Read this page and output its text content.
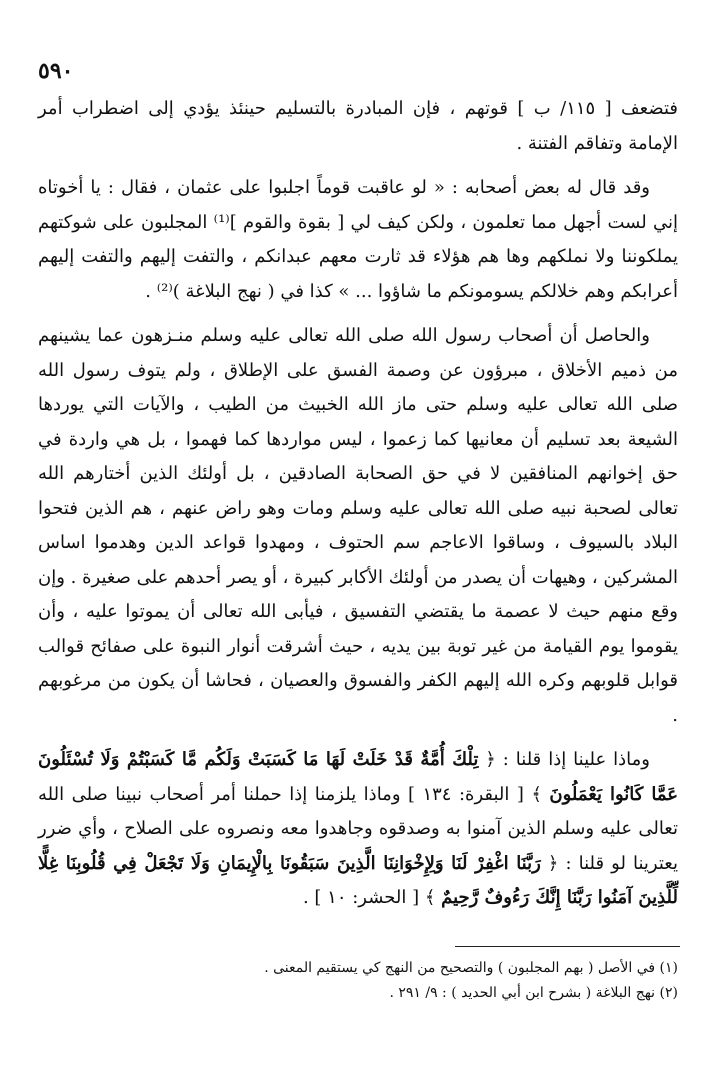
٥٩٠

فتضعف [ ١١٥/ ب ] قوتهم ، فإن المبادرة بالتسليم حينئذ يؤدي إلى اضطراب أمر الإمامة وتفاقم الفتنة .

وقد قال له بعض أصحابه : « لو عاقبت قوماً اجلبوا على عثمان ، فقال : يا أخوتاه إني لست أجهل مما تعلمون ، ولكن كيف لي [ بقوة والقوم ]⁽¹⁾ المجلبون على شوكتهم يملكوننا ولا نملكهم وها هم هؤلاء قد ثارت معهم عبدانكم ، والتفت إليهم والتفت إليهم أعرابكم وهم خلالكم يسومونكم ما شاؤوا ... » كذا في ( نهج البلاغة )⁽²⁾ .

والحاصل أن أصحاب رسول الله صلى الله تعالى عليه وسلم منـزهون عما يشينهم من ذميم الأخلاق ، مبرؤون عن وصمة الفسق على الإطلاق ، ولم يتوف رسول الله صلى الله تعالى عليه وسلم حتى ماز الله الخبيث من الطيب ، والآيات التي يوردها الشيعة بعد تسليم أن معانيها كما زعموا ، ليس مواردها كما فهموا ، بل هي واردة في حق إخوانهم المنافقين لا في حق الصحابة الصادقين ، بل أولئك الذين أختارهم الله تعالى لصحبة نبيه صلى الله تعالى عليه وسلم ومات وهو راض عنهم ، هم الذين فتحوا البلاد بالسيوف ، وساقوا الاعاجم سم الحتوف ، ومهدوا قواعد الدين وهدموا اساس المشركين ، وهيهات أن يصدر من أولئك الأكابر كبيرة ، أو يصر أحدهم على صغيرة . وإن وقع منهم حيث لا عصمة ما يقتضي التفسيق ، فيأبى الله تعالى أن يموتوا عليه ، وأن يقوموا يوم القيامة من غير توبة بين يديه ، حيث أشرقت أنوار النبوة على صفائح قوالب قوابل قلوبهم وكره الله إليهم الكفر والفسوق والعصيان ، فحاشا أن يكون من مرغوبهم .

وماذا علينا إذا قلنا : ﴿ تِلْكَ أُمَّةٌ قَدْ خَلَتْ لَهَا مَا كَسَبَتْ وَلَكُم مَّا كَسَبْتُمْ وَلَا تُسْئَلُونَ عَمَّا كَانُوا يَعْمَلُونَ ﴾ [ البقرة: ١٣٤ ] وماذا يلزمنا إذا حملنا أمر أصحاب نبينا صلى الله تعالى عليه وسلم الذين آمنوا به وصدقوه وجاهدوا معه ونصروه على الصلاح ، وأي ضرر يعترينا لو قلنا : ﴿ رَبَّنَا اغْفِرْ لَنَا وَلِإِخْوَانِنَا الَّذِينَ سَبَقُونَا بِالْإِيمَانِ وَلَا تَجْعَلْ فِي قُلُوبِنَا غِلًّا لِّلَّذِينَ آمَنُوا رَبَّنَا إِنَّكَ رَءُوفٌ رَّحِيمٌ ﴾ [ الحشر: ١٠ ] .

(١) في الأصل ( بهم المجلبون ) والتصحيح من النهج كي يستقيم المعنى .
(٢) نهج البلاغة ( بشرح ابن أبي الحديد ) : ٩/ ٢٩١ .
